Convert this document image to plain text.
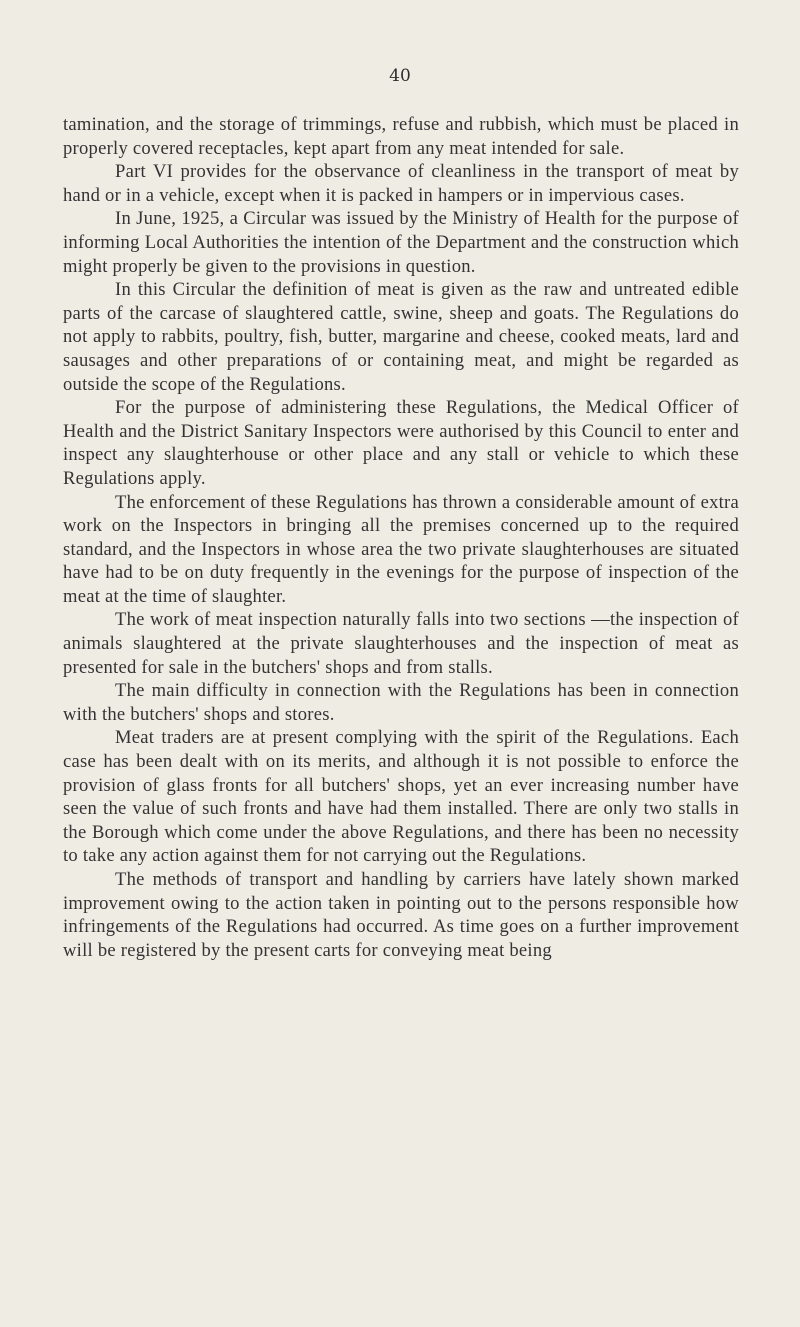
40

tamination, and the storage of trimmings, refuse and rubbish, which must be placed in properly covered receptacles, kept apart from any meat intended for sale.

Part VI provides for the observance of cleanliness in the transport of meat by hand or in a vehicle, except when it is packed in hampers or in impervious cases.

In June, 1925, a Circular was issued by the Ministry of Health for the purpose of informing Local Authorities the intention of the Department and the construction which might properly be given to the provisions in question.

In this Circular the definition of meat is given as the raw and untreated edible parts of the carcase of slaughtered cattle, swine, sheep and goats. The Regulations do not apply to rabbits, poultry, fish, butter, margarine and cheese, cooked meats, lard and sausages and other preparations of or containing meat, and might be regarded as outside the scope of the Regulations.

For the purpose of administering these Regulations, the Medical Officer of Health and the District Sanitary Inspectors were authorised by this Council to enter and inspect any slaughterhouse or other place and any stall or vehicle to which these Regulations apply.

The enforcement of these Regulations has thrown a considerable amount of extra work on the Inspectors in bringing all the premises concerned up to the required standard, and the Inspectors in whose area the two private slaughterhouses are situated have had to be on duty frequently in the evenings for the purpose of inspection of the meat at the time of slaughter.

The work of meat inspection naturally falls into two sections —the inspection of animals slaughtered at the private slaughterhouses and the inspection of meat as presented for sale in the butchers' shops and from stalls.

The main difficulty in connection with the Regulations has been in connection with the butchers' shops and stores.

Meat traders are at present complying with the spirit of the Regulations. Each case has been dealt with on its merits, and although it is not possible to enforce the provision of glass fronts for all butchers' shops, yet an ever increasing number have seen the value of such fronts and have had them installed. There are only two stalls in the Borough which come under the above Regulations, and there has been no necessity to take any action against them for not carrying out the Regulations.

The methods of transport and handling by carriers have lately shown marked improvement owing to the action taken in pointing out to the persons responsible how infringements of the Regulations had occurred. As time goes on a further improvement will be registered by the present carts for conveying meat being
